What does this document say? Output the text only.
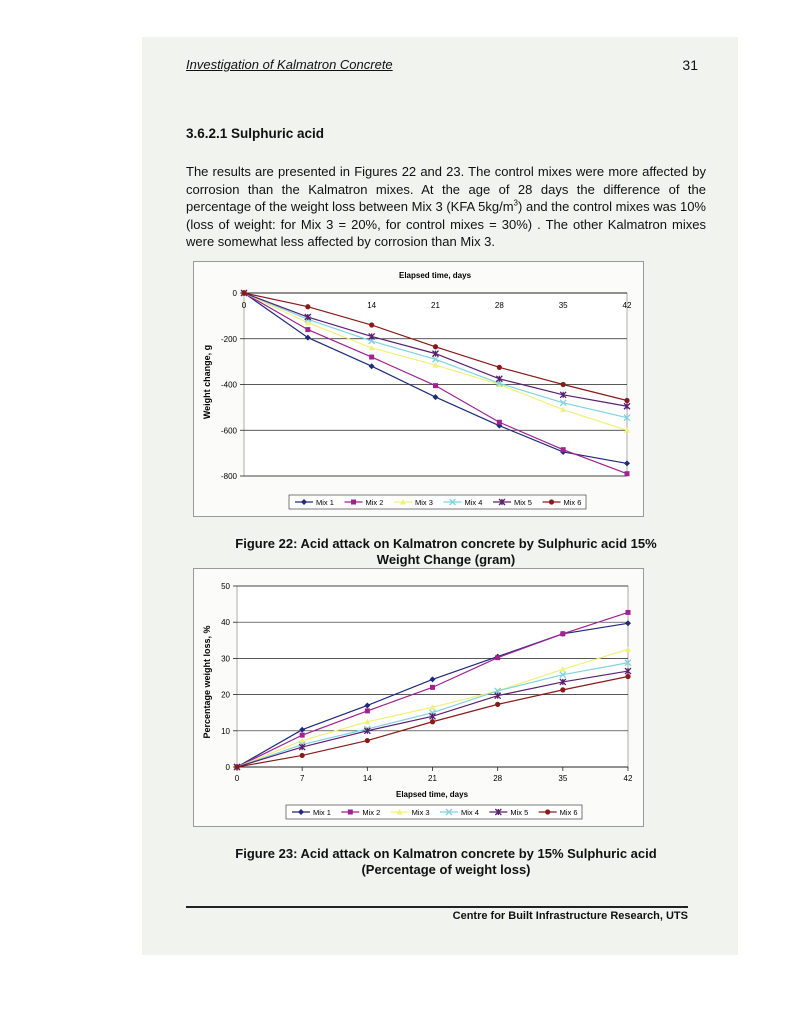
Investigation of Kalmatron Concrete	31
3.6.2.1 Sulphuric acid
The results are presented in Figures 22 and 23. The control mixes were more affected by corrosion than the Kalmatron mixes. At the age of 28 days the difference of the percentage of the weight loss between Mix 3 (KFA $5kg/m^3$) and the control mixes was 10% (loss of weight: for Mix 3 = 20%, for control mixes = 30%) . The other Kalmatron mixes were somewhat less affected by corrosion than Mix 3.
0
-200
-400
-600
-800
0	14	21	28	35	42
Elapsed time, days
Weight change, g
Mix 1	Mix 2	Mix 3	Mix 4	Mix 5	Mix 6
Figure 22: Acid attack on Kalmatron concrete by Sulphuric acid 15%
Weight Change (gram)
0
10
20
30
40
50
0	7	14	21	28	35	42
Elapsed time, days
Percentage weight loss, %
Mix 1	Mix 2	Mix 3	Mix 4	Mix 5	Mix 6
Figure 23: Acid attack on Kalmatron concrete by 15% Sulphuric acid
(Percentage of weight loss)
Centre for Built Infrastructure Research, UTS
